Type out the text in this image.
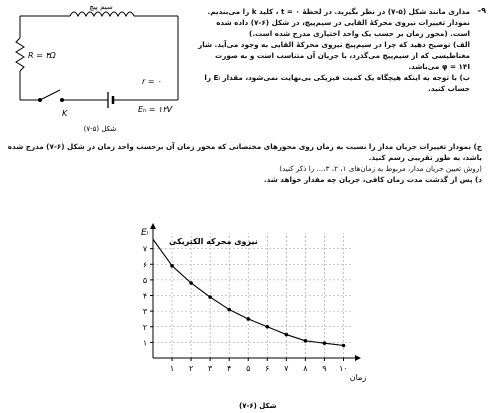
-۹
سیم پیچ
R = ۴Ω
r = ۰
Eₕ = ۱۲V
K
شکل (۵-۷)
مداری مانند شکل (۵-۷) در نظر بگیرید. در لحظهٔ t = ۰ ، کلید k را می‌بندیم.
نمودار تغییرات نیروی محرکهٔ القایی در سیم‌پیچ، در شکل (۶-۷) داده شده
است. (محور زمان بر حسب یک واحد اختیاری مدرج شده است.)
الف) توضیح دهید که چرا در سیم‌پیچ نیروی محرکهٔ القایی به وجود می‌آید. شار
مغناطیسی که از سیم‌پیچ می‌گذرد، با جریان آن متناسب است و به صورت
φ = ۱۴I می‌باشد.
ب) با توجه به اینکه هیچگاه یک کمیت فیزیکی بی‌نهایت نمی‌شود، مقدار Eᵢ را
حساب کنید.
ج) نمودار تغییرات جریان مدار را نسبت به زمان روی محورهای مختصاتی که محور زمان آن برحسب واحد زمان در شکل (۶-۷) مدرج شده
باشد، به طور تقریبی رسم کنید.
(روش تعیین جریان مدار، مربوط به زمان‌های ۱، ۲، ۳،... را ذکر کنید)
د) پس از گذشت مدت زمان کافی، جریان چه مقدار خواهد شد.
۱ ۲ ۳ ۴ ۵ ۶ ۷ ۸ ۹ ۱۰
۱
۲
۳
۴
۵
۶
۷
Eᵢ
زمان
نیروی محرکه الکتریکی
شکل (۶-۷)
